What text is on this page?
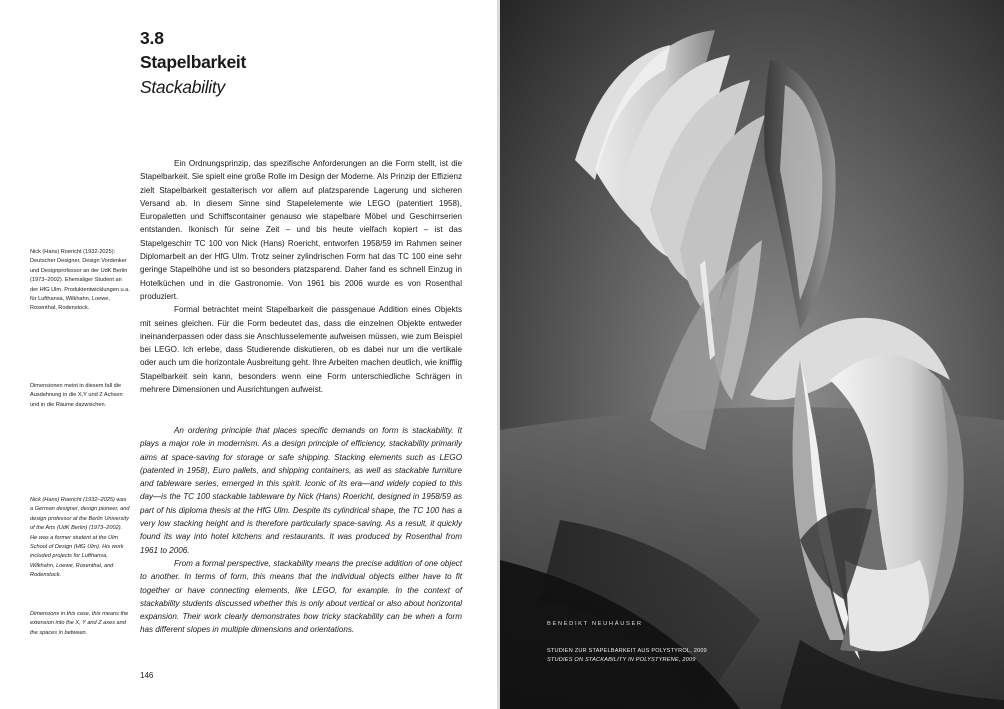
3.8
Stapelbarkeit
Stackability
Nick (Hans) Roericht (1932-2025): Deutscher Designer, Design Vordenker und Designprofessor an der UdK Berlin (1973–2002). Ehemaliger Student an der HfG Ulm. Produktentwicklungen u.a. für Lufthansa, Wilkhahn, Loewe, Rosenthal, Rodenstock.
Dimensionen meint in diesem fall die Ausdehnung in die X,Y und Z Achsen und in die Räume dazwischen.
Nick (Hans) Roericht (1932–2025) was a German designer, design pioneer, and design professor at the Berlin University of the Arts (UdK Berlin) (1973–2002). He was a former student at the Ulm School of Design (HfG Ulm). His work included projects for Lufthansa, Wilkhahn, Loewe, Rosenthal, and Rodenstock.
Dimensions in this case, this means the extension into the X, Y and Z axes and the spaces in between.

Ein Ordnungsprinzip, das spezifische Anforderungen an die Form stellt, ist die Stapelbarkeit. Sie spielt eine große Rolle im Design der Moderne. Als Prinzip der Effizienz zielt Stapelbarkeit gestalterisch vor allem auf platzsparende Lagerung und sicheren Versand ab. In diesem Sinne sind Stapelelemente wie LEGO (patentiert 1958), Europaletten und Schiffscontainer genauso wie stapelbare Möbel und Geschirrserien entstanden. Ikonisch für seine Zeit – und bis heute vielfach kopiert – ist das Stapelgeschirr TC 100 von Nick (Hans) Roericht, entworfen 1958/59 im Rahmen seiner Diplomarbeit an der HfG Ulm. Trotz seiner zylindrischen Form hat das TC 100 eine sehr geringe Stapelhöhe und ist so besonders platzsparend. Daher fand es schnell Einzug in Hotelküchen und in die Gastronomie. Von 1961 bis 2006 wurde es von Rosenthal produziert.

Formal betrachtet meint Stapelbarkeit die passgenaue Addition eines Objekts mit seines gleichen. Für die Form bedeutet das, dass die einzelnen Objekte entweder ineinanderpassen oder dass sie Anschlusselemente aufweisen müssen, wie zum Beispiel bei LEGO. Ich erlebe, dass Studierende diskutieren, ob es dabei nur um die vertikale oder auch um die horizontale Ausbreitung geht. Ihre Arbeiten machen deutlich, wie knifflig Stapelbarkeit sein kann, besonders wenn eine Form unterschiedliche Schrägen in mehrere Dimensionen und Ausrichtungen aufweist.

An ordering principle that places specific demands on form is stackability. It plays a major role in modernism. As a design principle of efficiency, stackability primarily aims at space-saving for storage or safe shipping. Stacking elements such as LEGO (patented in 1958), Euro pallets, and shipping containers, as well as stackable furniture and tableware series, emerged in this spirit. Iconic of its era—and widely copied to this day—is the TC 100 stackable tableware by Nick (Hans) Roericht, designed in 1958/59 as part of his diploma thesis at the HfG Ulm. Despite its cylindrical shape, the TC 100 has a very low stacking height and is therefore particularly space-saving. As a result, it quickly found its way into hotel kitchens and restaurants. It was produced by Rosenthal from 1961 to 2006.

From a formal perspective, stackability means the precise addition of one object to another. In terms of form, this means that the individual objects either have to fit together or have connecting elements, like LEGO, for example. In the context of stackability students discussed whether this is only about vertical or also about horizontal expansion. Their work clearly demonstrates how tricky stackability can be when a form has different slopes in multiple dimensions and orientations.

146
BENEDIKT NEUHÄUSER
STUDIEN ZUR STAPELBARKEIT AUS POLYSTYROL, 2009
STUDIES ON STACKABILITY IN POLYSTYRENE, 2009
